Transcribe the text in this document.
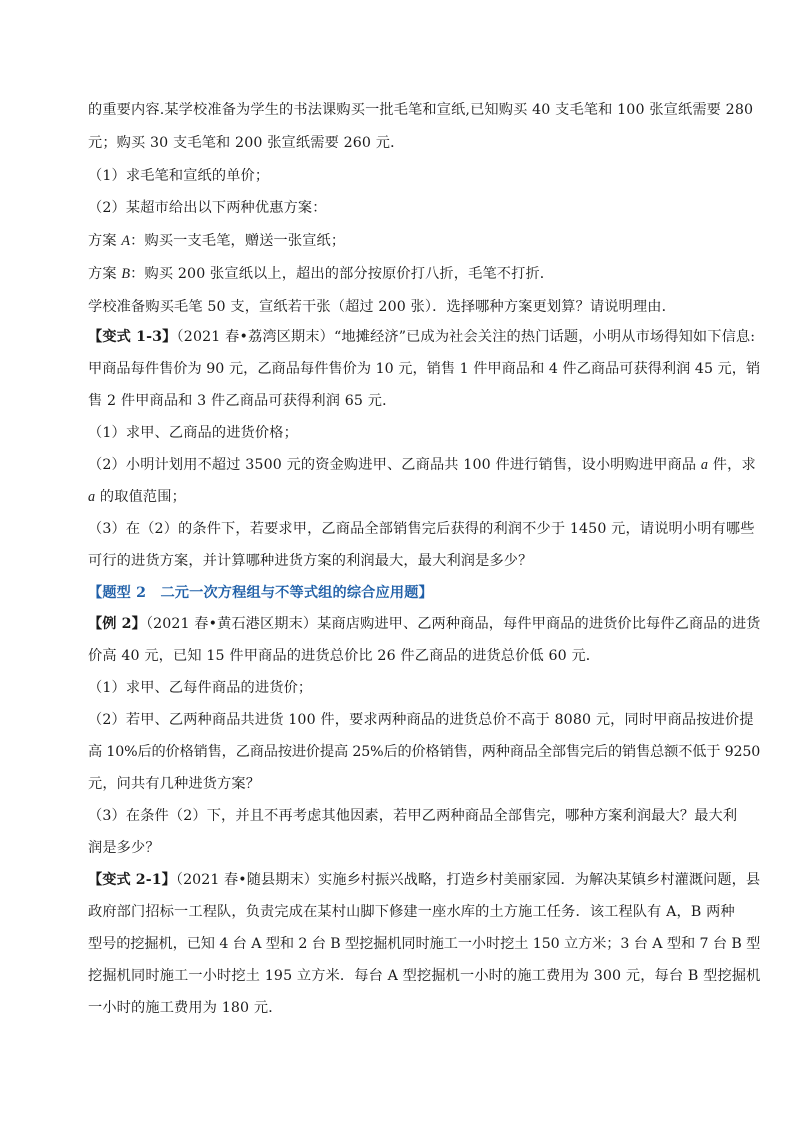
的重要内容.某学校准备为学生的书法课购买一批毛笔和宣纸,已知购买 40 支毛笔和 100 张宣纸需要 280
元；购买 30 支毛笔和 200 张宣纸需要 260 元．
（1）求毛笔和宣纸的单价；
（2）某超市给出以下两种优惠方案：
方案 A：购买一支毛笔，赠送一张宣纸；
方案 B：购买 200 张宣纸以上，超出的部分按原价打八折，毛笔不打折．
学校准备购买毛笔 50 支，宣纸若干张（超过 200 张）．选择哪种方案更划算？请说明理由．
【变式 1-3】（2021 春•荔湾区期末）“地摊经济”已成为社会关注的热门话题，小明从市场得知如下信息:
甲商品每件售价为 90 元，乙商品每件售价为 10 元，销售 1 件甲商品和 4 件乙商品可获得利润 45 元，销
售 2 件甲商品和 3 件乙商品可获得利润 65 元．
（1）求甲、乙商品的进货价格；
（2）小明计划用不超过 3500 元的资金购进甲、乙商品共 100 件进行销售，设小明购进甲商品 a 件，求
a 的取值范围；
（3）在（2）的条件下，若要求甲，乙商品全部销售完后获得的利润不少于 1450 元，请说明小明有哪些
可行的进货方案，并计算哪种进货方案的利润最大，最大利润是多少？
【题型 2　二元一次方程组与不等式组的综合应用题】
【例 2】（2021 春•黄石港区期末）某商店购进甲、乙两种商品，每件甲商品的进货价比每件乙商品的进货
价高 40 元，已知 15 件甲商品的进货总价比 26 件乙商品的进货总价低 60 元．
（1）求甲、乙每件商品的进货价；
（2）若甲、乙两种商品共进货 100 件，要求两种商品的进货总价不高于 8080 元，同时甲商品按进价提
高 10%后的价格销售，乙商品按进价提高 25%后的价格销售，两种商品全部售完后的销售总额不低于 9250
元，问共有几种进货方案？
（3）在条件（2）下，并且不再考虑其他因素，若甲乙两种商品全部售完，哪种方案利润最大？最大利
润是多少？
【变式 2-1】（2021 春•随县期末）实施乡村振兴战略，打造乡村美丽家园．为解决某镇乡村灌溉问题，县
政府部门招标一工程队，负责完成在某村山脚下修建一座水库的土方施工任务．该工程队有 A，B 两种
型号的挖掘机，已知 4 台 A 型和 2 台 B 型挖掘机同时施工一小时挖土 150 立方米；3 台 A 型和 7 台 B 型
挖掘机同时施工一小时挖土 195 立方米．每台 A 型挖掘机一小时的施工费用为 300 元，每台 B 型挖掘机
一小时的施工费用为 180 元．
